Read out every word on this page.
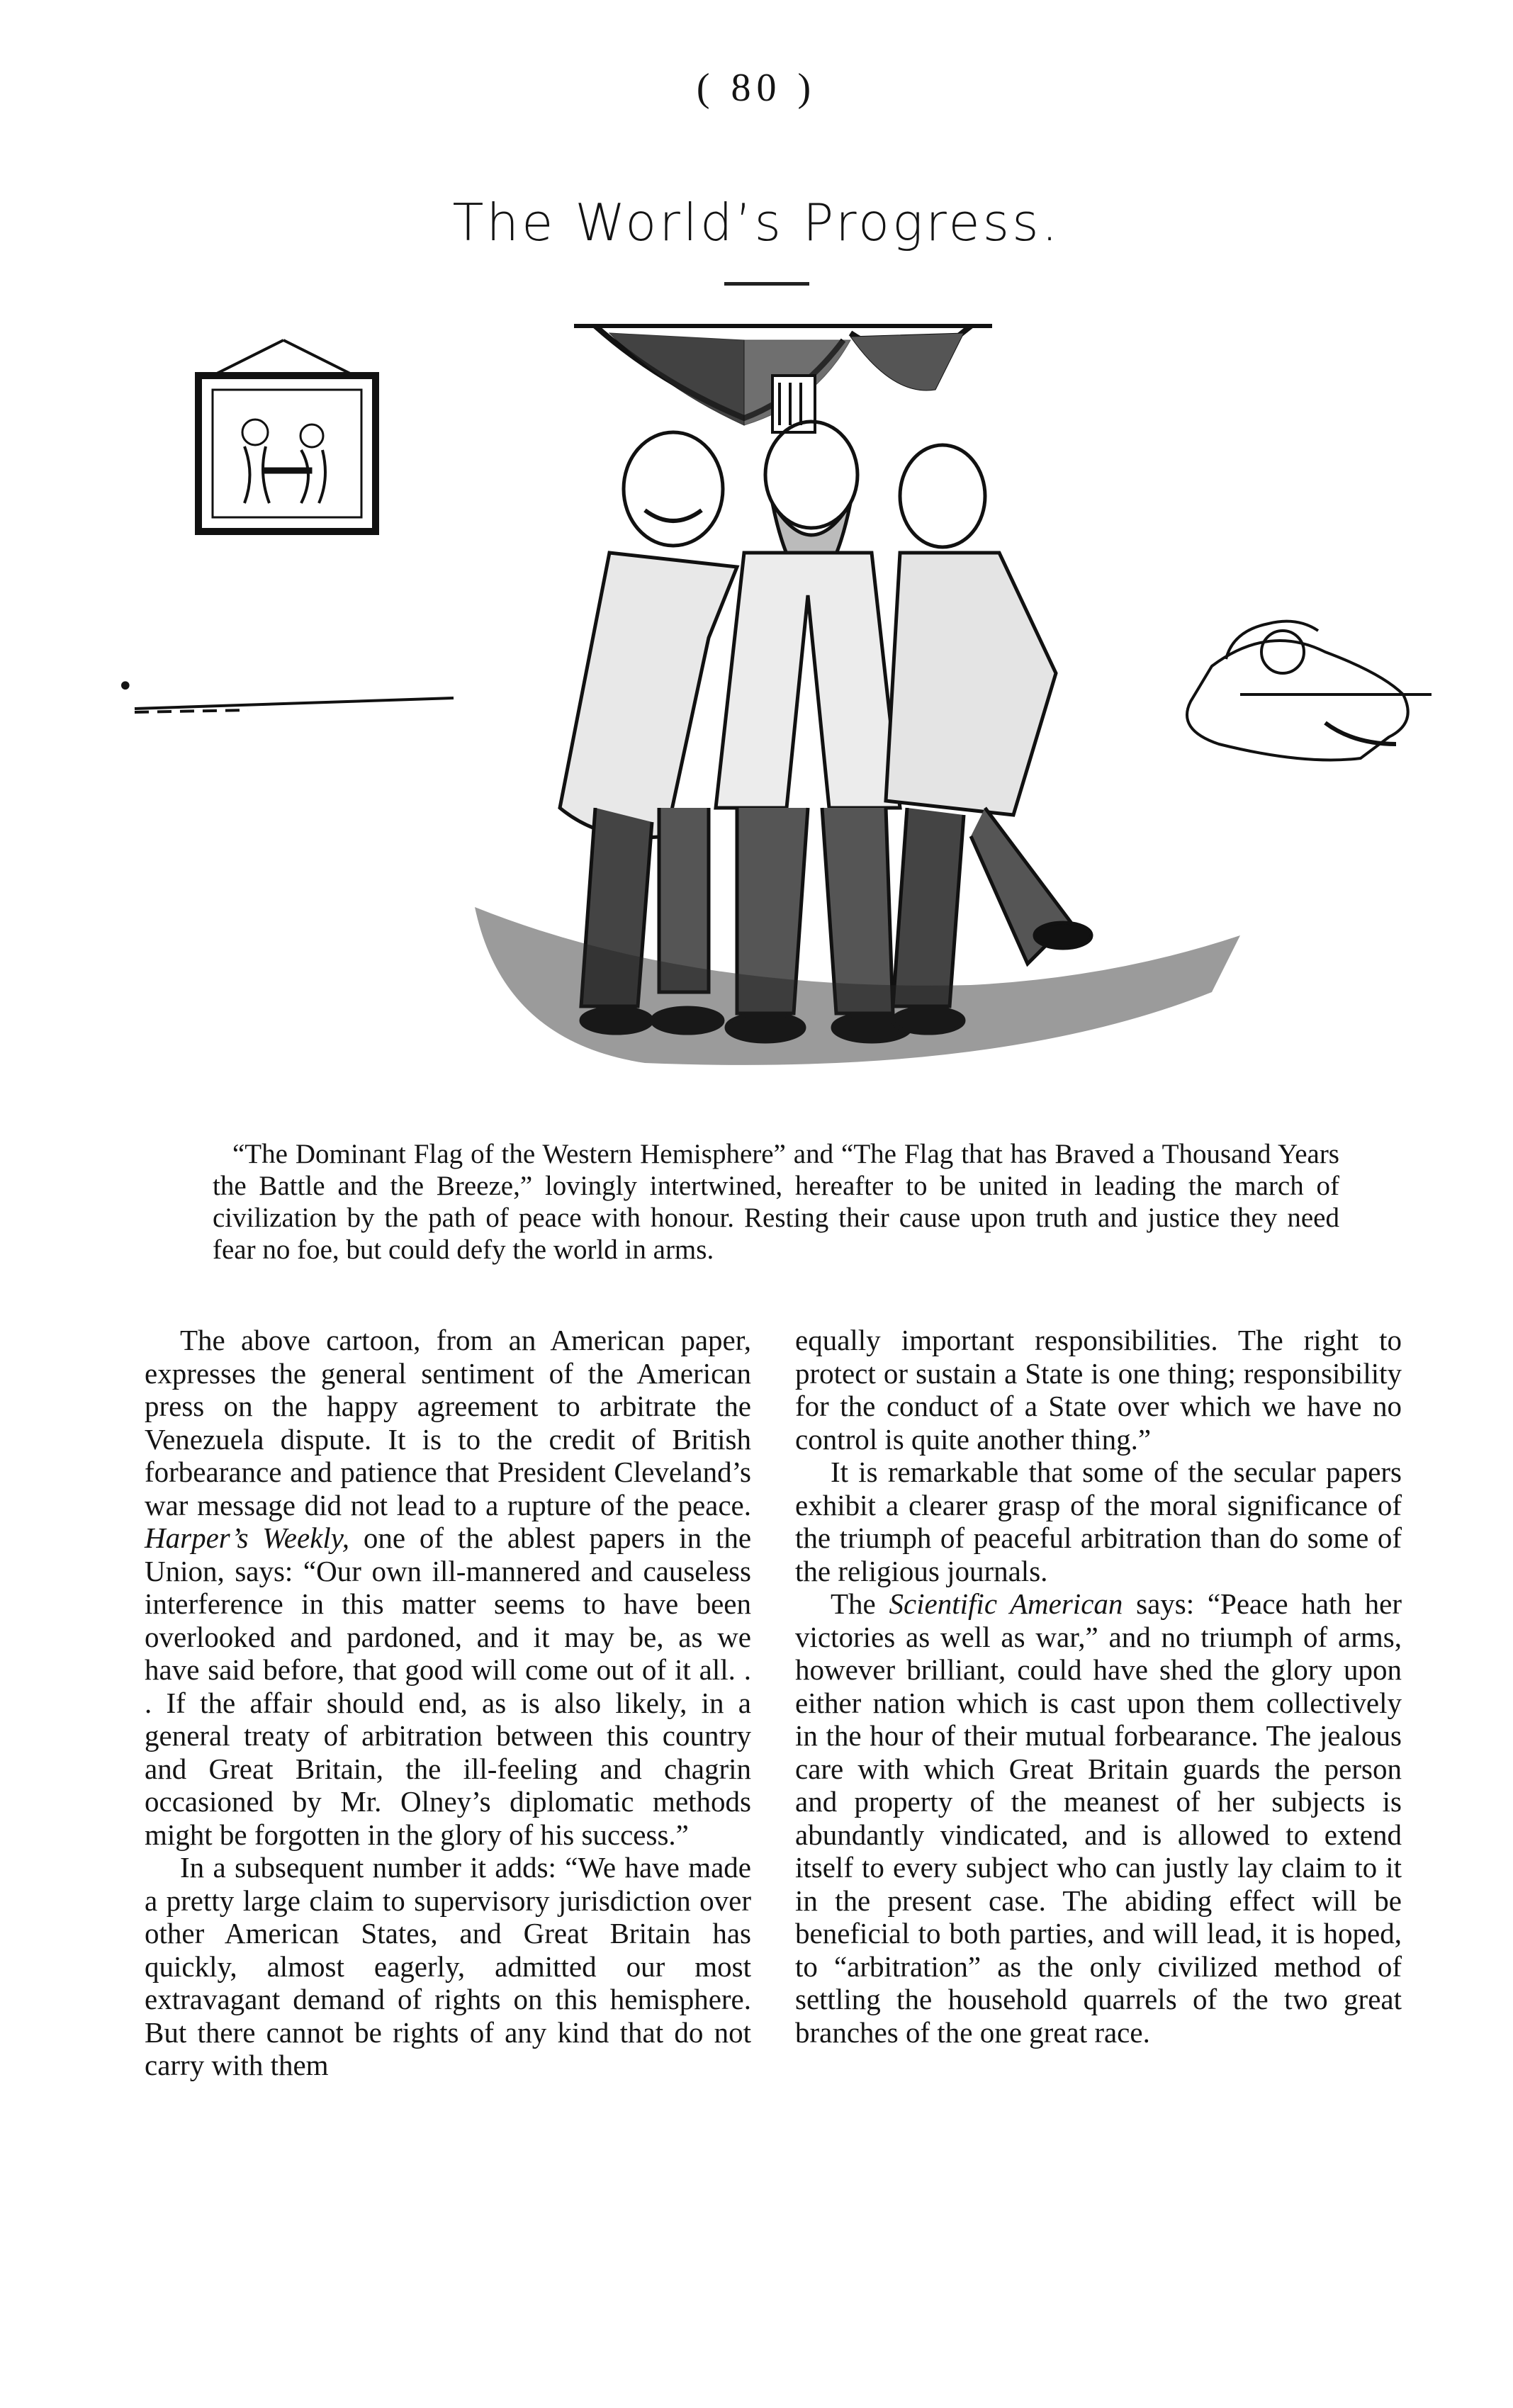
( 80 )
The World’s Progress.
•
“The Dominant Flag of the Western Hemisphere” and “The Flag that has Braved a Thousand Years the Battle and the Breeze,” lovingly intertwined, hereafter to be united in leading the march of civilization by the path of peace with honour. Resting their cause upon truth and justice they need fear no foe, but could defy the world in arms.

The above cartoon, from an American paper, expresses the general sentiment of the American press on the happy agreement to arbitrate the Venezuela dispute. It is to the credit of British forbearance and patience that President Cleveland’s war message did not lead to a rupture of the peace. Harper’s Weekly, one of the ablest papers in the Union, says: “Our own ill-mannered and causeless interference in this matter seems to have been overlooked and pardoned, and it may be, as we have said before, that good will come out of it all. . . If the affair should end, as is also likely, in a general treaty of arbitration between this country and Great Britain, the ill-feeling and chagrin occasioned by Mr. Olney’s diplomatic methods might be forgotten in the glory of his success.”

In a subsequent number it adds: “We have made a pretty large claim to supervisory jurisdiction over other American States, and Great Britain has quickly, almost eagerly, admitted our most extravagant demand of rights on this hemisphere. But there cannot be rights of any kind that do not carry with them

equally important responsibilities. The right to protect or sustain a State is one thing; responsibility for the conduct of a State over which we have no control is quite another thing.”

It is remarkable that some of the secular papers exhibit a clearer grasp of the moral significance of the triumph of peaceful arbitration than do some of the religious journals.

The Scientific American says: “Peace hath her victories as well as war,” and no triumph of arms, however brilliant, could have shed the glory upon either nation which is cast upon them collectively in the hour of their mutual forbearance. The jealous care with which Great Britain guards the person and property of the meanest of her subjects is abundantly vindicated, and is allowed to extend itself to every subject who can justly lay claim to it in the present case. The abiding effect will be beneficial to both parties, and will lead, it is hoped, to “arbitration” as the only civilized method of settling the household quarrels of the two great branches of the one great race.
